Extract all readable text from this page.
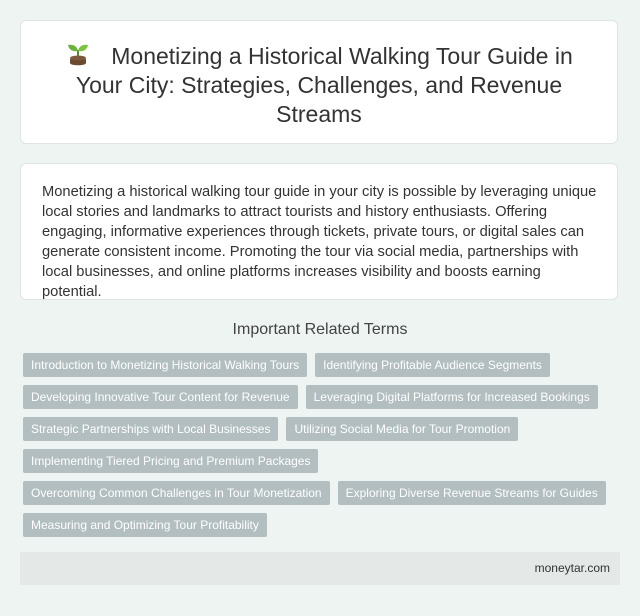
Monetizing a Historical Walking Tour Guide in Your City: Strategies, Challenges, and Revenue Streams

Monetizing a historical walking tour guide in your city is possible by leveraging unique local stories and landmarks to attract tourists and history enthusiasts. Offering engaging, informative experiences through tickets, private tours, or digital sales can generate consistent income. Promoting the tour via social media, partnerships with local businesses, and online platforms increases visibility and boosts earning potential.

Important Related Terms
Introduction to Monetizing Historical Walking Tours	Identifying Profitable Audience Segments
Developing Innovative Tour Content for Revenue	Leveraging Digital Platforms for Increased Bookings
Strategic Partnerships with Local Businesses	Utilizing Social Media for Tour Promotion
Implementing Tiered Pricing and Premium Packages
Overcoming Common Challenges in Tour Monetization	Exploring Diverse Revenue Streams for Guides
Measuring and Optimizing Tour Profitability
moneytar.com
